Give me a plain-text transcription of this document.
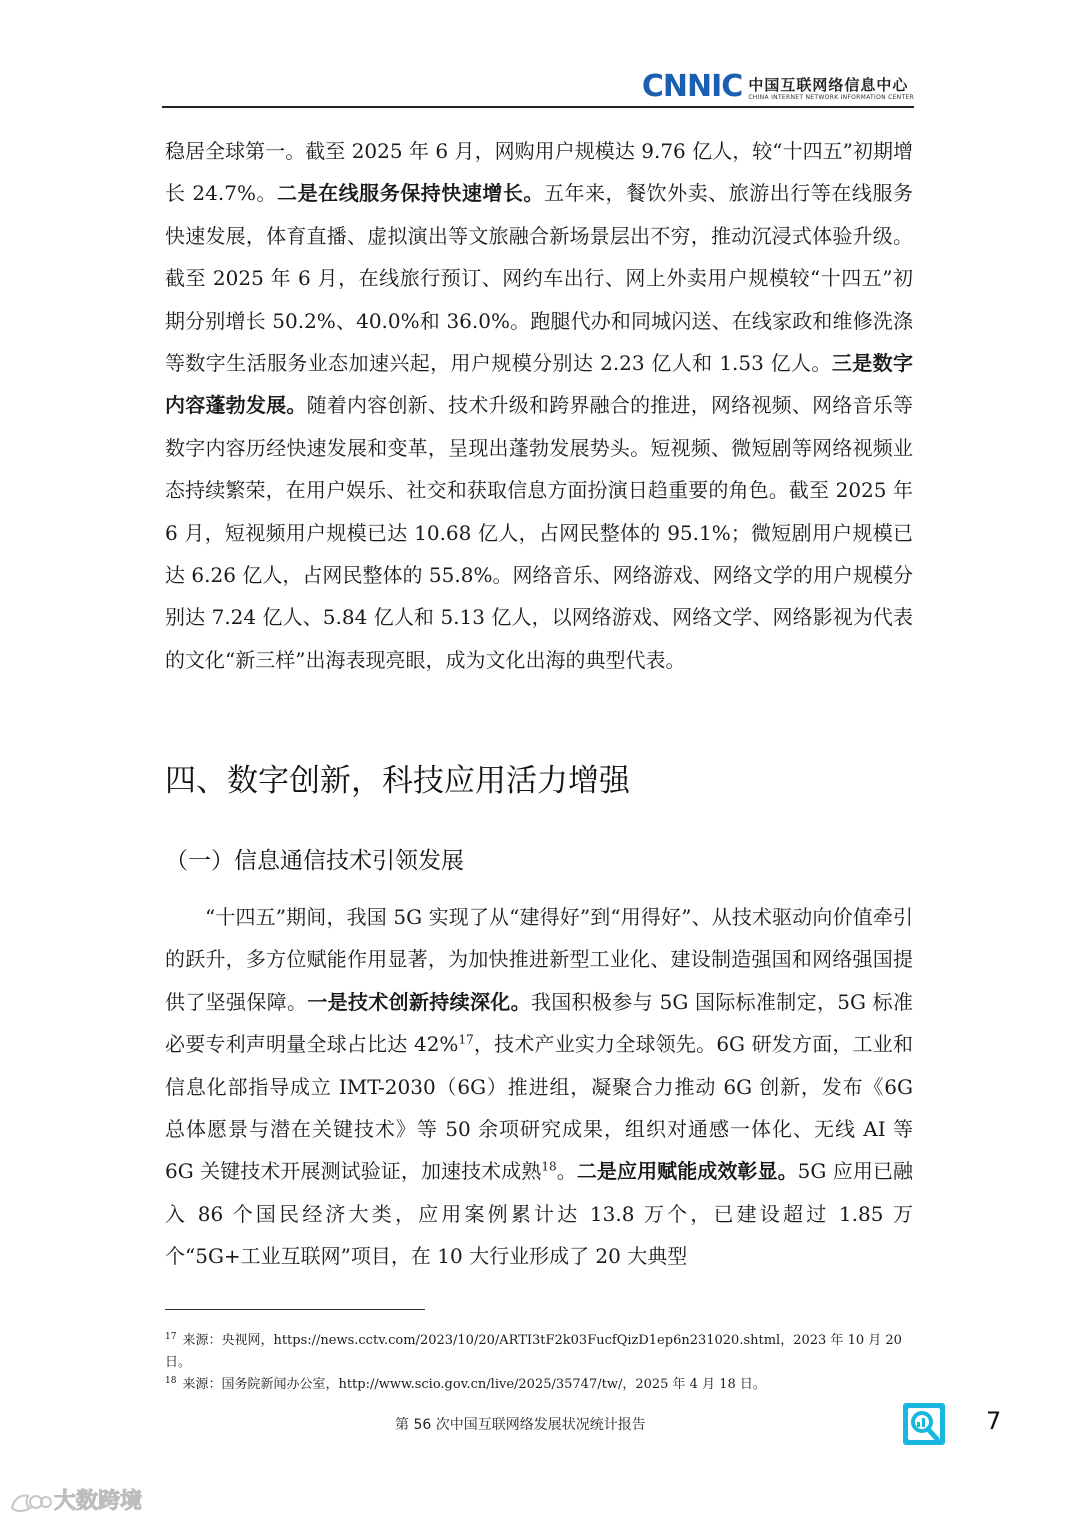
CNNIC 中国互联网络信息中心
CHINA INTERNET NETWORK INFORMATION CENTER

稳居全球第一。截至 2025 年 6 月，网购用户规模达 9.76 亿人，较“十四五”初期增长 24.7%。二是在线服务保持快速增长。五年来，餐饮外卖、旅游出行等在线服务快速发展，体育直播、虚拟演出等文旅融合新场景层出不穷，推动沉浸式体验升级。截至 2025 年 6 月，在线旅行预订、网约车出行、网上外卖用户规模较“十四五”初期分别增长 50.2%、40.0%和 36.0%。跑腿代办和同城闪送、在线家政和维修洗涤等数字生活服务业态加速兴起，用户规模分别达 2.23 亿人和 1.53 亿人。三是数字内容蓬勃发展。随着内容创新、技术升级和跨界融合的推进，网络视频、网络音乐等数字内容历经快速发展和变革，呈现出蓬勃发展势头。短视频、微短剧等网络视频业态持续繁荣，在用户娱乐、社交和获取信息方面扮演日趋重要的角色。截至 2025 年 6 月，短视频用户规模已达 10.68 亿人，占网民整体的 95.1%；微短剧用户规模已达 6.26 亿人，占网民整体的 55.8%。网络音乐、网络游戏、网络文学的用户规模分别达 7.24 亿人、5.84 亿人和 5.13 亿人，以网络游戏、网络文学、网络影视为代表的文化“新三样”出海表现亮眼，成为文化出海的典型代表。

四、数字创新，科技应用活力增强
（一）信息通信技术引领发展

“十四五”期间，我国 5G 实现了从“建得好”到“用得好”、从技术驱动向价值牵引的跃升，多方位赋能作用显著，为加快推进新型工业化、建设制造强国和网络强国提供了坚强保障。一是技术创新持续深化。我国积极参与 5G 国际标准制定，5G 标准必要专利声明量全球占比达 42%$^{17}$，技术产业实力全球领先。6G 研发方面，工业和信息化部指导成立 IMT-2030（6G）推进组，凝聚合力推动 6G 创新，发布《6G 总体愿景与潜在关键技术》等 50 余项研究成果，组织对通感一体化、无线 AI 等 6G 关键技术开展测试验证，加速技术成熟$^{18}$。二是应用赋能成效彰显。5G 应用已融入 86 个国民经济大类，应用案例累计达 13.8 万个，已建设超过 1.85 万个“5G+工业互联网”项目，在 10 大行业形成了 20 大典型

$^{17}$ 来源：央视网，https://news.cctv.com/2023/10/20/ARTI3tF2k03FucfQizD1ep6n231020.shtml，2023 年 10 月 20 日。

$^{18}$ 来源：国务院新闻办公室，http://www.scio.gov.cn/live/2025/35747/tw/，2025 年 4 月 18 日。

第 56 次中国互联网络发展状况统计报告	7
大数跨境
